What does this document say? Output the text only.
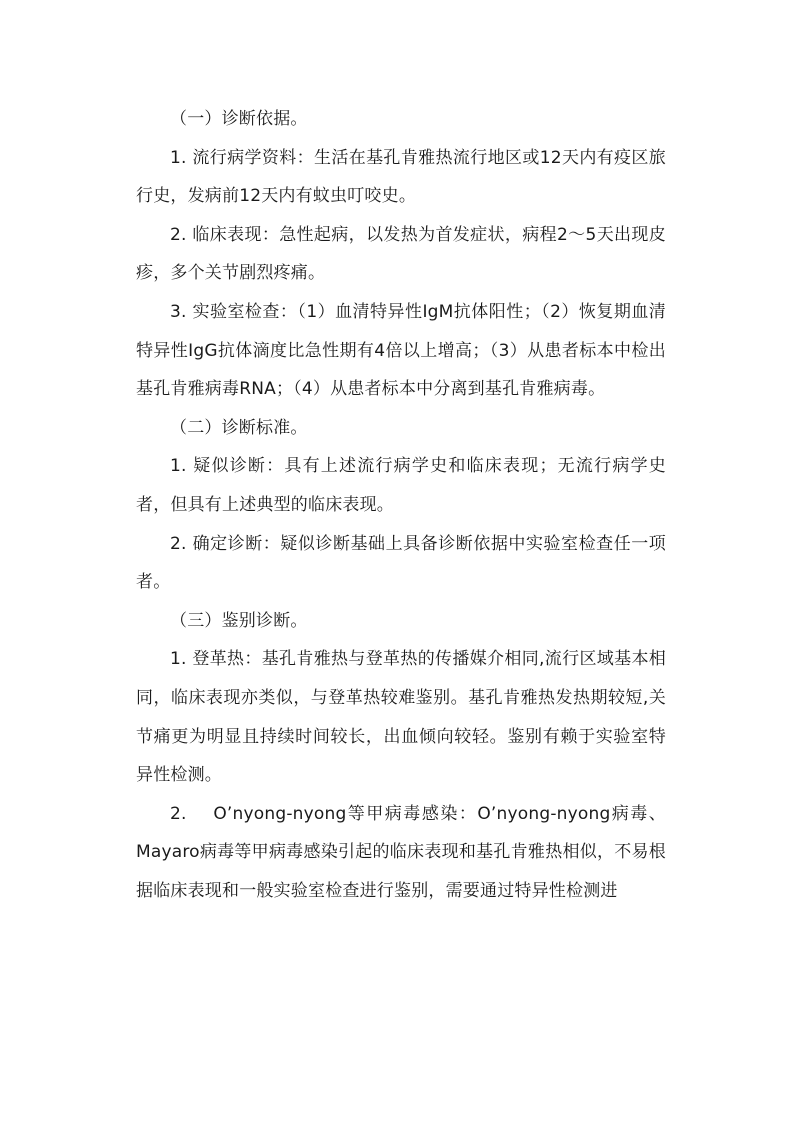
（一）诊断依据。

1. 流行病学资料：生活在基孔肯雅热流行地区或12天内有疫区旅行史，发病前12天内有蚊虫叮咬史。

2. 临床表现：急性起病，以发热为首发症状，病程2～5天出现皮疹，多个关节剧烈疼痛。

3. 实验室检查：（1）血清特异性IgM抗体阳性；（2）恢复期血清特异性IgG抗体滴度比急性期有4倍以上增高；（3）从患者标本中检出基孔肯雅病毒RNA；（4）从患者标本中分离到基孔肯雅病毒。

（二）诊断标准。

1. 疑似诊断：具有上述流行病学史和临床表现；无流行病学史者，但具有上述典型的临床表现。

2. 确定诊断：疑似诊断基础上具备诊断依据中实验室检查任一项者。

（三）鉴别诊断。

1. 登革热：基孔肯雅热与登革热的传播媒介相同,流行区域基本相同，临床表现亦类似，与登革热较难鉴别。基孔肯雅热发热期较短,关节痛更为明显且持续时间较长，出血倾向较轻。鉴别有赖于实验室特异性检测。

2.　 O’nyong-nyong等甲病毒感染：O’nyong-nyong病毒、Mayaro病毒等甲病毒感染引起的临床表现和基孔肯雅热相似，不易根据临床表现和一般实验室检查进行鉴别，需要通过特异性检测进
